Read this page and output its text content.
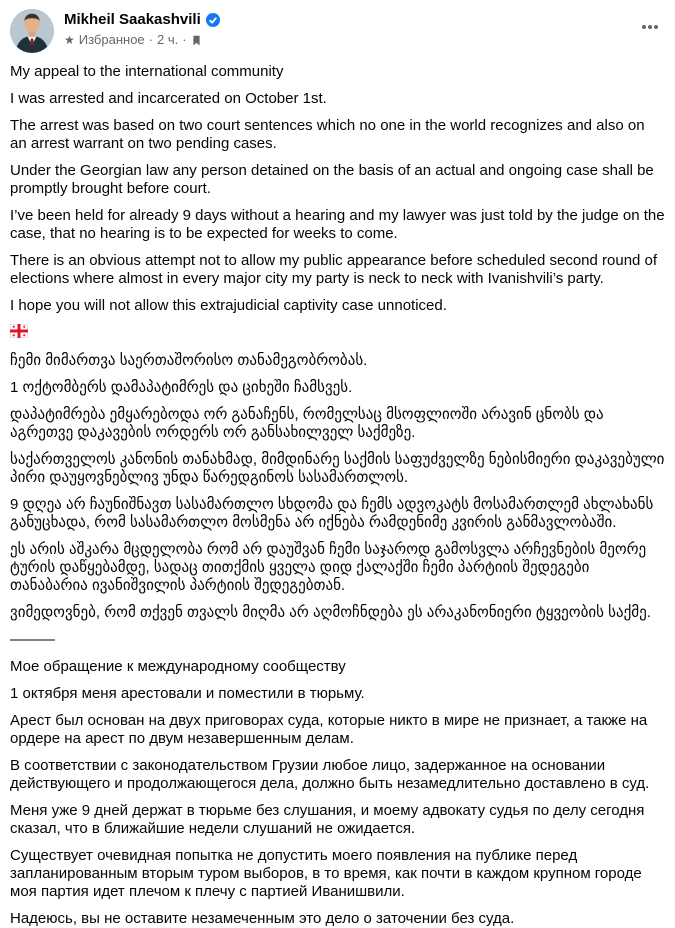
Mikheil Saakashvili
★ Избранное · 2 ч. ·

My appeal to the international community

I was arrested and incarcerated on October 1st.

The arrest was based on two court sentences which no one in the world recognizes and also on an arrest warrant on two pending cases.

Under the Georgian law any person detained on the basis of an actual and ongoing case shall be promptly brought before court.

I’ve been held for already 9 days without a hearing and my lawyer was just told by the judge on the case, that no hearing is to be expected for weeks to come.

There is an obvious attempt not to allow my public appearance before scheduled second round of elections where almost in every major city my party is neck to neck with Ivanishvili’s party.

I hope you will not allow this extrajudicial captivity case unnoticed.

ჩემი მიმართვა საერთაშორისო თანამეგობრობას.

1 ოქტომბერს დამაპატიმრეს და ციხეში ჩამსვეს.

დაპატიმრება ემყარებოდა ორ განაჩენს, რომელსაც მსოფლიოში არავინ ცნობს და აგრეთვე დაკავების ორდერს ორ განსახილველ საქმეზე.

საქართველოს კანონის თანახმად, მიმდინარე საქმის საფუძველზე ნებისმიერი დაკავებული პირი დაუყოვნებლივ უნდა წარედგინოს სასამართლოს.

9 დღეა არ ჩაუნიშნავთ სასამართლო სხდომა და ჩემს ადვოკატს მოსამართლემ ახლახანს განუცხადა, რომ სასამართლო მოსმენა არ იქნება რამდენიმე კვირის განმავლობაში.

ეს არის აშკარა მცდელობა რომ არ დაუშვან ჩემი საჯაროდ გამოსვლა არჩევნების მეორე ტურის დაწყებამდე, სადაც თითქმის ყველა დიდ ქალაქში ჩემი პარტიის შედეგები თანაბარია ივანიშვილის პარტიის შედეგებთან.

ვიმედოვნებ, რომ თქვენ თვალს მიღმა არ აღმოჩნდება ეს არაკანონიერი ტყვეობის საქმე.

———

Мое обращение к международному сообществу

1 октября меня арестовали и поместили в тюрьму.

Арест был основан на двух приговорах суда, которые никто в мире не признает, а также на ордере на арест по двум незавершенным делам.

В соответствии с законодательством Грузии любое лицо, задержанное на основании действующего и продолжающегося дела, должно быть незамедлительно доставлено в суд.

Меня уже 9 дней держат в тюрьме без слушания, и моему адвокату судья по делу сегодня сказал, что в ближайшие недели слушаний не ожидается.

Существует очевидная попытка не допустить моего появления на публике перед запланированным вторым туром выборов, в то время, как почти в каждом крупном городе моя партия идет плечом к плечу с партией Иванишвили.

Надеюсь, вы не оставите незамеченным это дело о заточении без суда.
